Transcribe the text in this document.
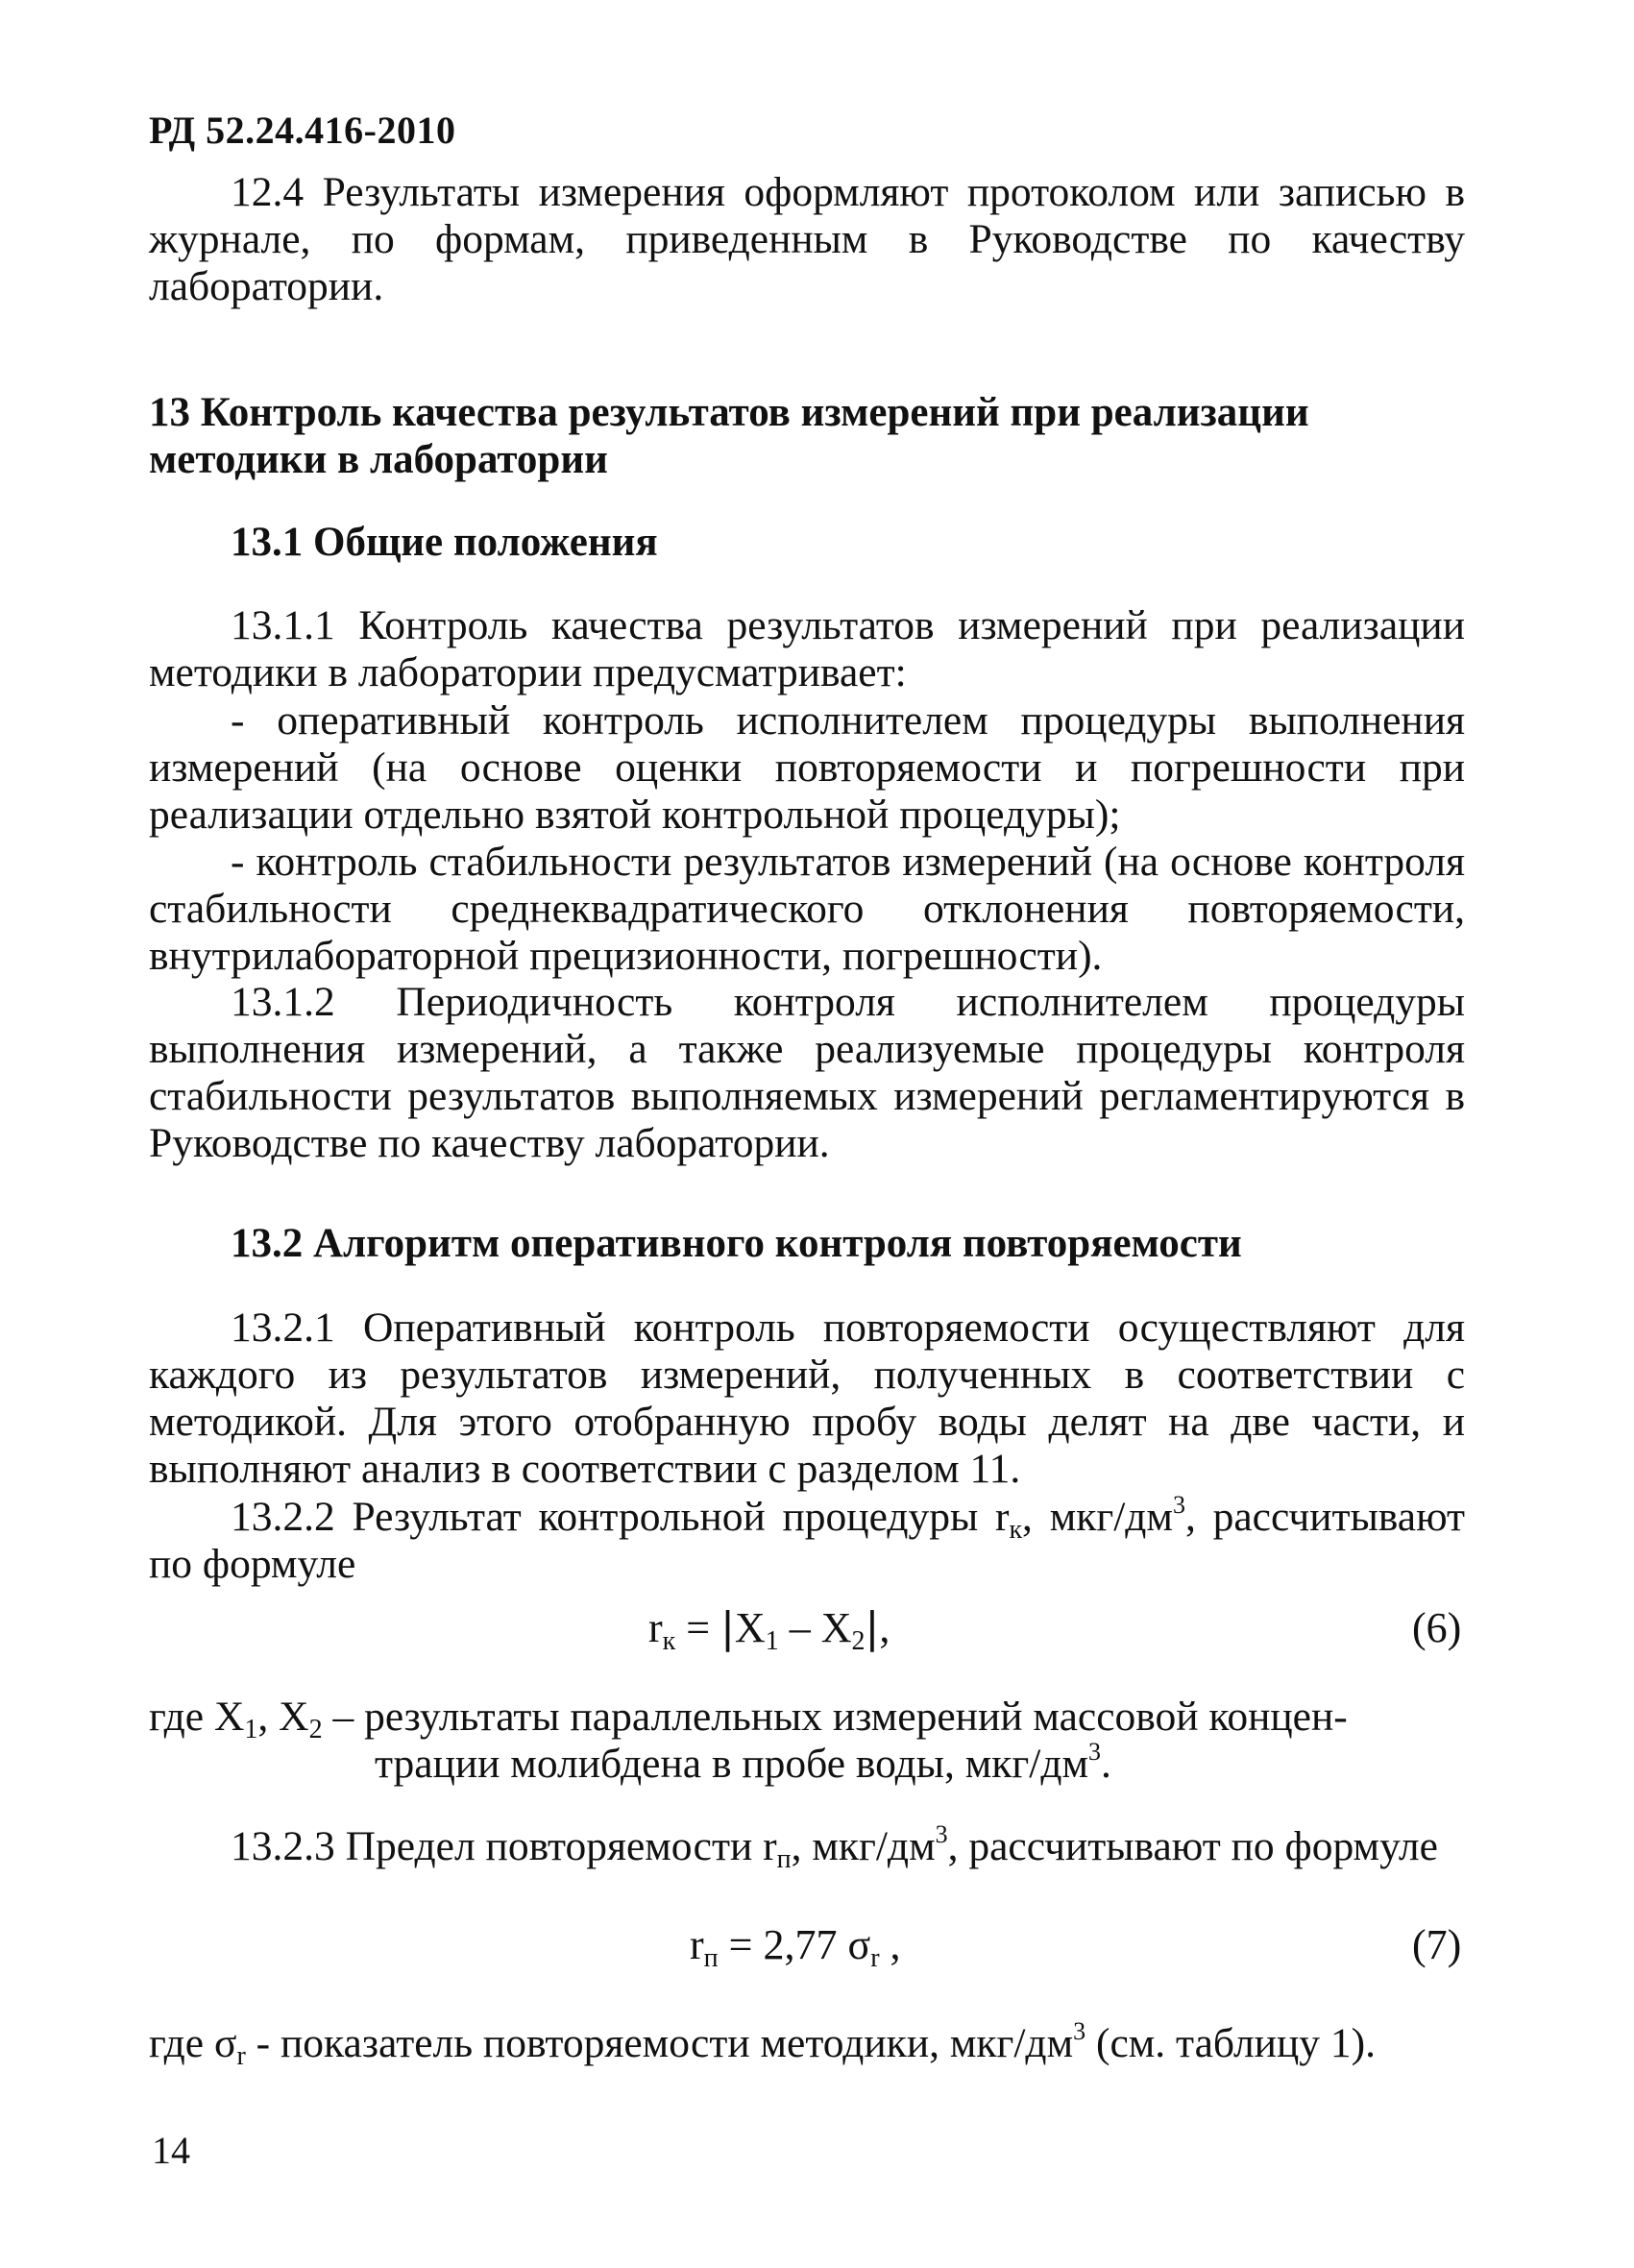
РД 52.24.416-2010
12.4 Результаты измерения оформляют протоколом или записью в журнале, по формам, приведенным в Руководстве по качеству лаборатории.
13 Контроль качества результатов измерений при реализации методики в лаборатории
13.1 Общие положения
13.1.1 Контроль качества результатов измерений при реализации методики в лаборатории предусматривает:
- оперативный контроль исполнителем процедуры выполнения измерений (на основе оценки повторяемости и погрешности при реализации отдельно взятой контрольной процедуры);
- контроль стабильности результатов измерений (на основе контроля стабильности среднеквадратического отклонения повторяемости, внутрилабораторной прецизионности, погрешности).
13.1.2 Периодичность контроля исполнителем процедуры выполнения измерений, а также реализуемые процедуры контроля стабильности результатов выполняемых измерений регламентируются в Руководстве по качеству лаборатории.
13.2 Алгоритм оперативного контроля повторяемости
13.2.1 Оперативный контроль повторяемости осуществляют для каждого из результатов измерений, полученных в соответствии с методикой. Для этого отобранную пробу воды делят на две части, и выполняют анализ в соответствии с разделом 11.
13.2.2 Результат контрольной процедуры $r_к$, мкг/$дм^3$, рассчитывают по формуле
$r_к = |X_1 - X_2|$,	(6)
где $X_1$, $X_2$ – результаты параллельных измерений массовой концен-
трации молибдена в пробе воды, мкг/$дм^3$.
13.2.3 Предел повторяемости $r_п$, мкг/$дм^3$, рассчитывают по формуле
$r_п = 2,77$ $\sigma_r$ ,	(7)
где $\sigma_r$ - показатель повторяемости методики, мкг/$дм^3$ (см. таблицу 1).
14
